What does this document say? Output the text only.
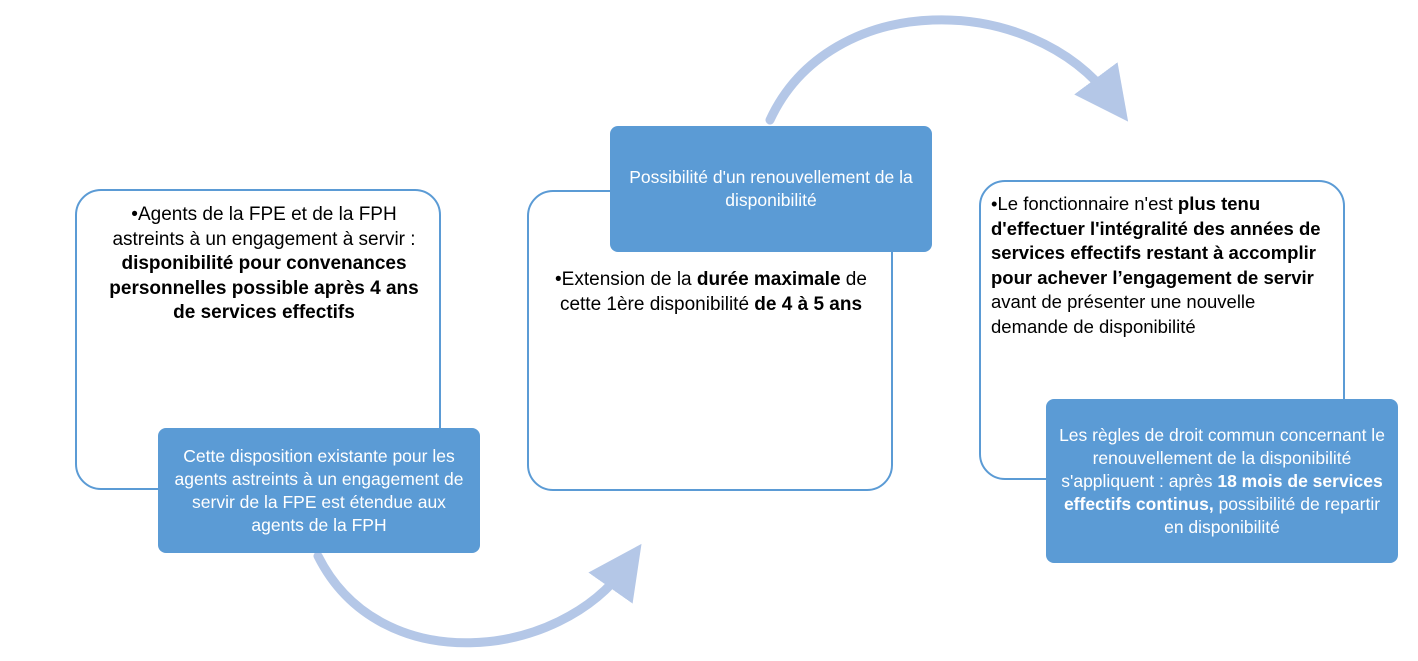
•Agents de la FPE et de la FPH astreints à un engagement à servir : disponibilité pour convenances personnelles possible après 4 ans de services effectifs
Cette disposition existante pour les agents astreints à un engagement de servir de la FPE est étendue aux agents de la FPH
Possibilité d'un renouvellement de la disponibilité
•Extension de la durée maximale de cette 1ère disponibilité de 4 à 5 ans
•Le fonctionnaire n'est plus tenu d'effectuer l'intégralité des années de services effectifs restant à accomplir pour achever l’engagement de servir avant de présenter une nouvelle demande de disponibilité
Les règles de droit commun concernant le renouvellement de la disponibilité s'appliquent : après 18 mois de services effectifs continus, possibilité de repartir en disponibilité
